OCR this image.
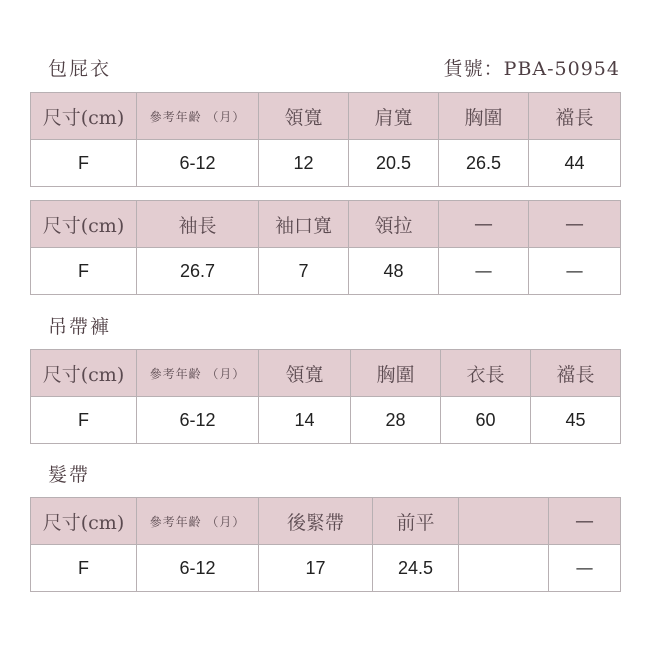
包屁衣	貨號：PBA-50954
尺寸(cm)	參考年齡 （月）	領寬	肩寬	胸圍	襠長
F	6-12	12	20.5	26.5	44
尺寸(cm)	袖長	袖口寬	領拉	—	—
F	26.7	7	48	—	—
吊帶褲
尺寸(cm)	參考年齡 （月）	領寬	胸圍	衣長	襠長
F	6-12	14	28	60	45
髮帶
尺寸(cm)	參考年齡 （月）	後緊帶	前平		—
F	6-12	17	24.5		—
